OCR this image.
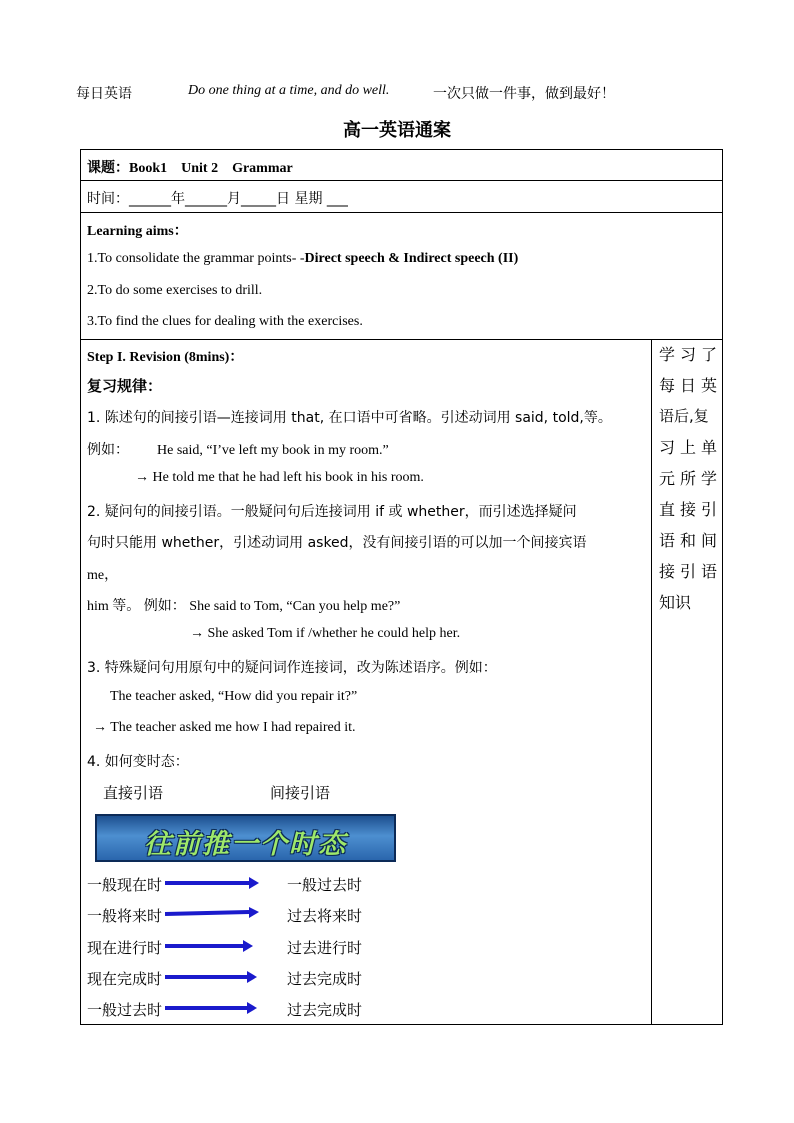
每日英语	Do one thing at a time, and do well.	一次只做一件事，做到最好！
高一英语通案
课题：Book1    Unit 2    Grammar
时间：______年______月_____日 星期 ___
Learning aims：
1.To consolidate the grammar points- -Direct speech & Indirect speech (II)
2.To do some exercises to drill.
3.To find the clues for dealing with the exercises.
Step I. Revision (8mins)：
复习规律：
1. 陈述句的间接引语—连接词用 that, 在口语中可省略。引述动词用 said, told,等。
例如： He said, “I’ve left my book in my room.”
→ He told me that he had left his book in his room.
2. 疑问句的间接引语。一般疑问句后连接词用 if 或 whether，而引述选择疑问
句时只能用 whether，引述动词用 asked，没有间接引语的可以加一个间接宾语
me，
him 等。 例如： She said to Tom, “Can you help me?”
→ She asked Tom if /whether he could help her.
3. 特殊疑问句用原句中的疑问词作连接词，改为陈述语序。例如：
The teacher asked, “How did you repair it?”
→ The teacher asked me how I had repaired it.
4. 如何变时态：
直接引语	间接引语
往前推一个时态
一般现在时	一般过去时
一般将来时	过去将来时
现在进行时	过去进行时
现在完成时	过去完成时
一般过去时	过去完成时
学习了
每日英
语后,复
习上单
元所学
直接引
语和间
接引语
知识
